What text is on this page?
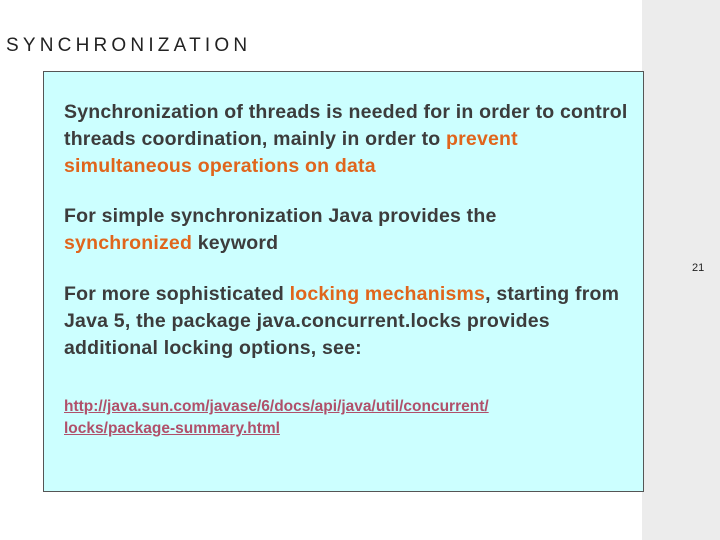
SYNCHRONIZATION

Synchronization of threads is needed for in order to control threads coordination, mainly in order to prevent simultaneous operations on data

For simple synchronization Java provides the synchronized keyword

For more sophisticated locking mechanisms, starting from Java 5, the package java.concurrent.locks provides additional locking options, see:

http://java.sun.com/javase/6/docs/api/java/util/concurrent/
locks/package-summary.html

21
